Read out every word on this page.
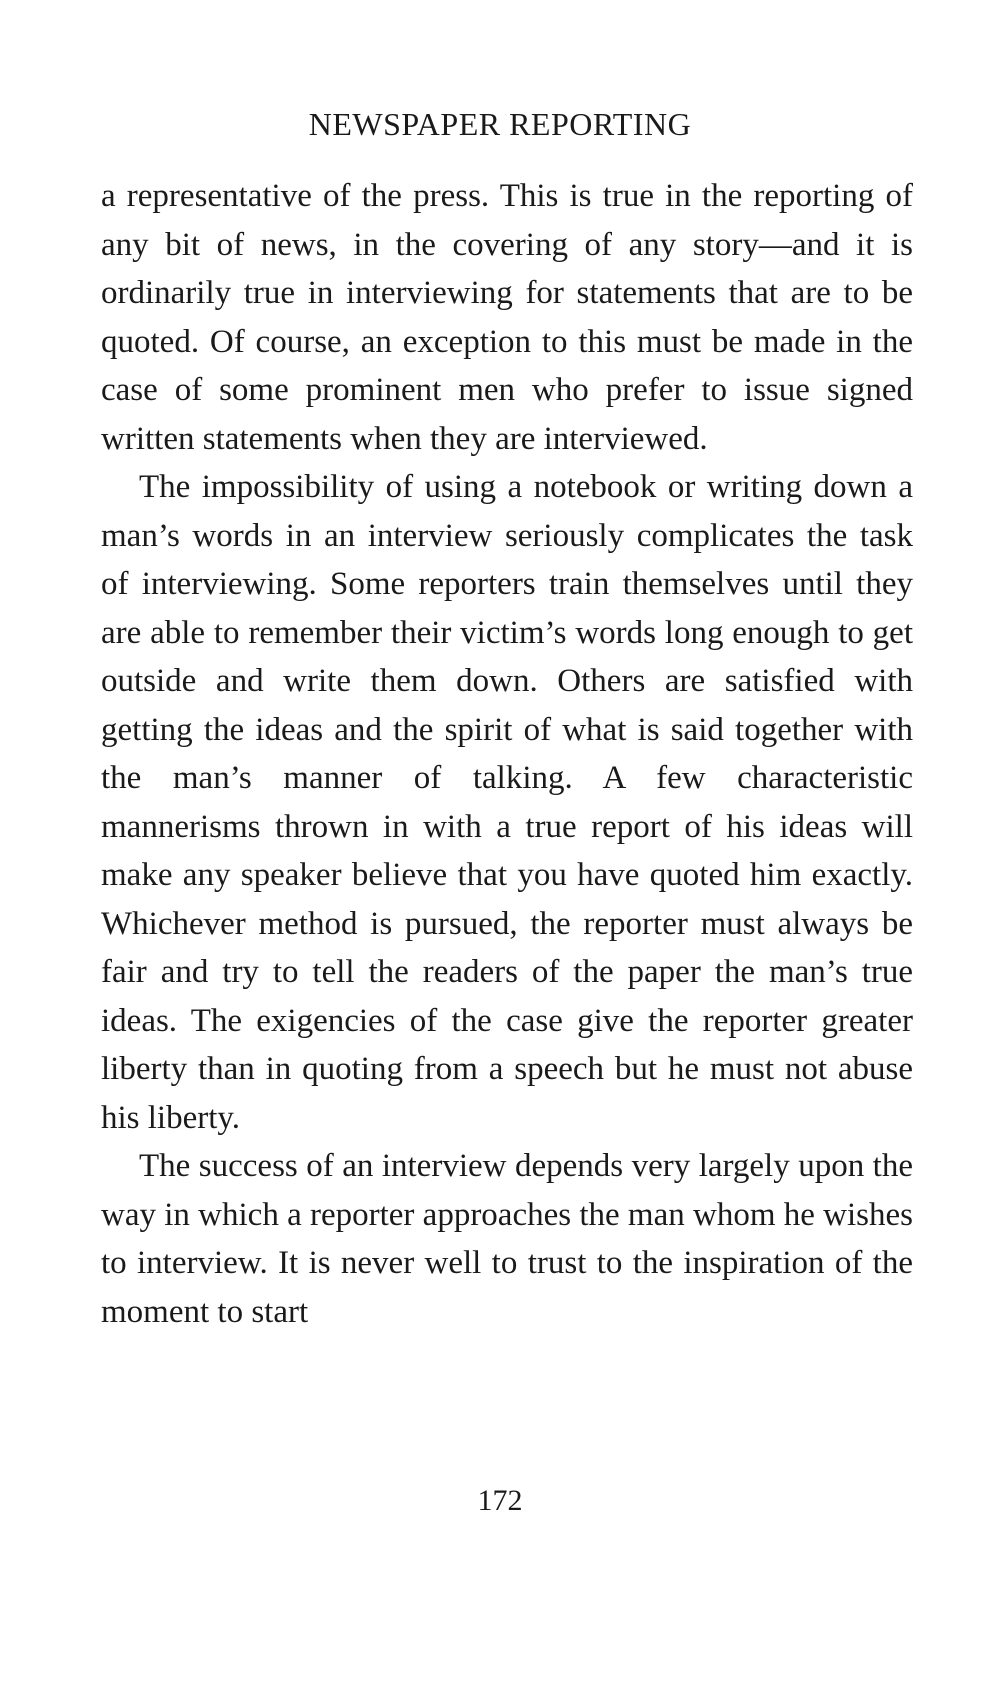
NEWSPAPER REPORTING

a representative of the press. This is true in the reporting of any bit of news, in the covering of any story—and it is ordinarily true in interviewing for statements that are to be quoted. Of course, an exception to this must be made in the case of some prominent men who prefer to issue signed written statements when they are interviewed.

The impossibility of using a notebook or writing down a man’s words in an interview seriously complicates the task of interviewing. Some reporters train themselves until they are able to remember their victim’s words long enough to get outside and write them down. Others are satisfied with getting the ideas and the spirit of what is said together with the man’s manner of talking. A few characteristic mannerisms thrown in with a true report of his ideas will make any speaker believe that you have quoted him exactly. Whichever method is pursued, the reporter must always be fair and try to tell the readers of the paper the man’s true ideas. The exigencies of the case give the reporter greater liberty than in quoting from a speech but he must not abuse his liberty.

The success of an interview depends very largely upon the way in which a reporter approaches the man whom he wishes to interview. It is never well to trust to the inspiration of the moment to start

172
